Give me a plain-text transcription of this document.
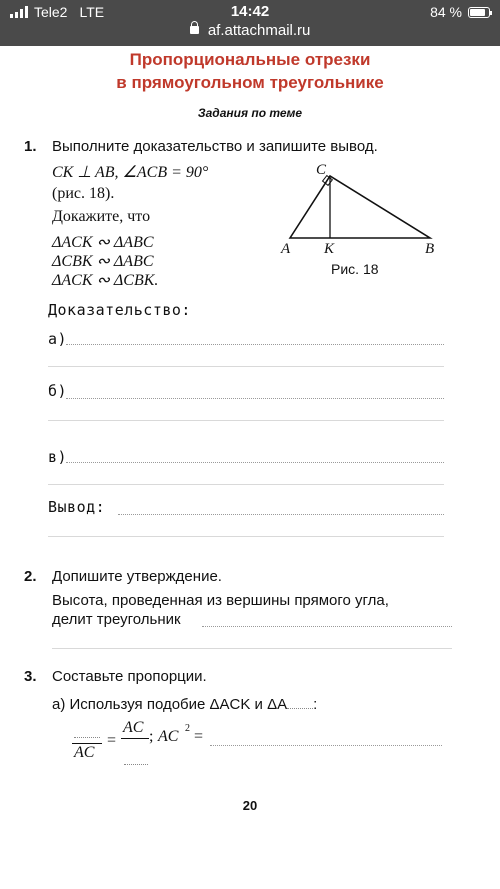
Tele2 LTE	14:42	84 %
af.attachmail.ru
Пропорциональные отрезки
в прямоугольном треугольнике
Задания по теме
1. Выполните доказательство и запишите вывод.
CK ⊥ AB, ∠ACB = 90°
(рис. 18).
Докажите, что
ΔACK ∾ ΔABC
ΔCBK ∾ ΔABC
ΔACK ∾ ΔCBK.
C
A K	B
Рис. 18
Доказательство:
а)
б)
в)
Вывод:
2. Допишите утверждение.
Высота, проведенная из вершины прямого угла,
делит треугольник
3. Составьте пропорции.
а) Используя подобие ΔACK и ΔA :
AC
=
AC
; AC 2 =
20
